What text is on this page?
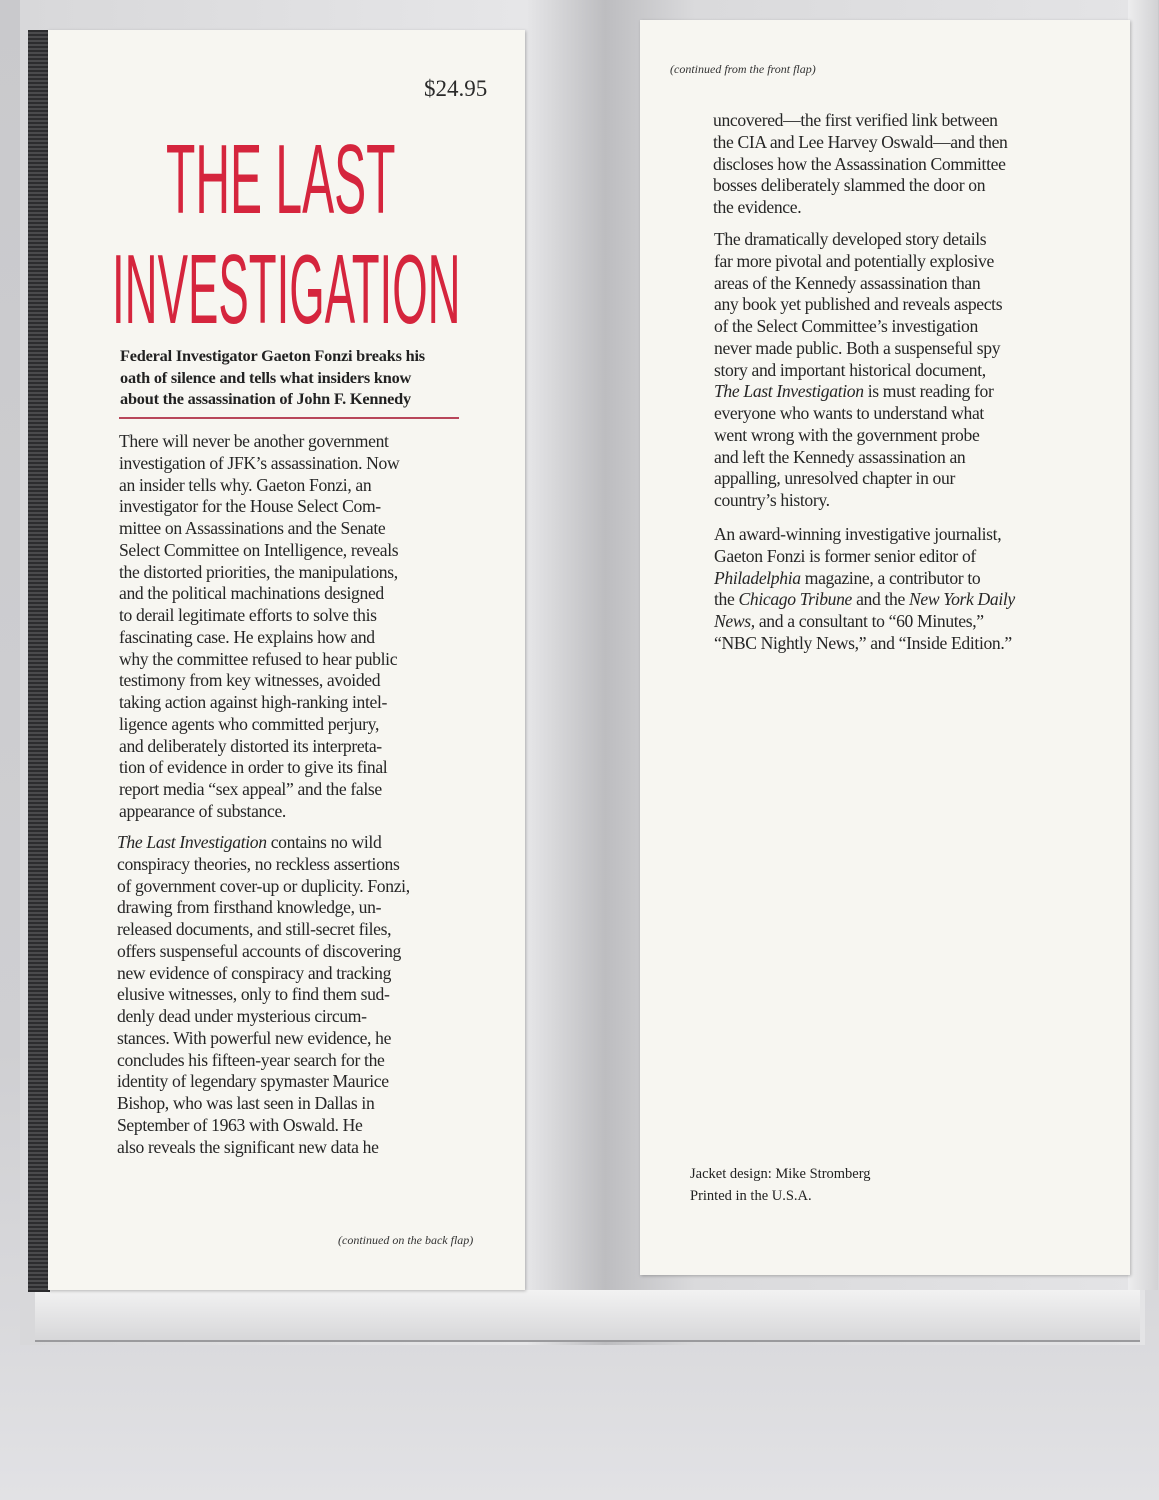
$24.95
THE LAST
INVESTIGATION
Federal Investigator Gaeton Fonzi breaks his
oath of silence and tells what insiders know
about the assassination of John F. Kennedy
There will never be another government
investigation of JFK’s assassination. Now
an insider tells why. Gaeton Fonzi, an
investigator for the House Select Com-
mittee on Assassinations and the Senate
Select Committee on Intelligence, reveals
the distorted priorities, the manipulations,
and the political machinations designed
to derail legitimate efforts to solve this
fascinating case. He explains how and
why the committee refused to hear public
testimony from key witnesses, avoided
taking action against high-ranking intel-
ligence agents who committed perjury,
and deliberately distorted its interpreta-
tion of evidence in order to give its final
report media “sex appeal” and the false
appearance of substance.
The Last Investigation contains no wild
conspiracy theories, no reckless assertions
of government cover-up or duplicity. Fonzi,
drawing from firsthand knowledge, un-
released documents, and still-secret files,
offers suspenseful accounts of discovering
new evidence of conspiracy and tracking
elusive witnesses, only to find them sud-
denly dead under mysterious circum-
stances. With powerful new evidence, he
concludes his fifteen-year search for the
identity of legendary spymaster Maurice
Bishop, who was last seen in Dallas in
September of 1963 with Oswald. He
also reveals the significant new data he
(continued on the back flap)
(continued from the front flap)
uncovered—the first verified link between
the CIA and Lee Harvey Oswald—and then
discloses how the Assassination Committee
bosses deliberately slammed the door on
the evidence.
The dramatically developed story details
far more pivotal and potentially explosive
areas of the Kennedy assassination than
any book yet published and reveals aspects
of the Select Committee’s investigation
never made public. Both a suspenseful spy
story and important historical document,
The Last Investigation is must reading for
everyone who wants to understand what
went wrong with the government probe
and left the Kennedy assassination an
appalling, unresolved chapter in our
country’s history.
An award-winning investigative journalist,
Gaeton Fonzi is former senior editor of
Philadelphia magazine, a contributor to
the Chicago Tribune and the New York Daily
News, and a consultant to “60 Minutes,”
“NBC Nightly News,” and “Inside Edition.”
Jacket design: Mike Stromberg
Printed in the U.S.A.
